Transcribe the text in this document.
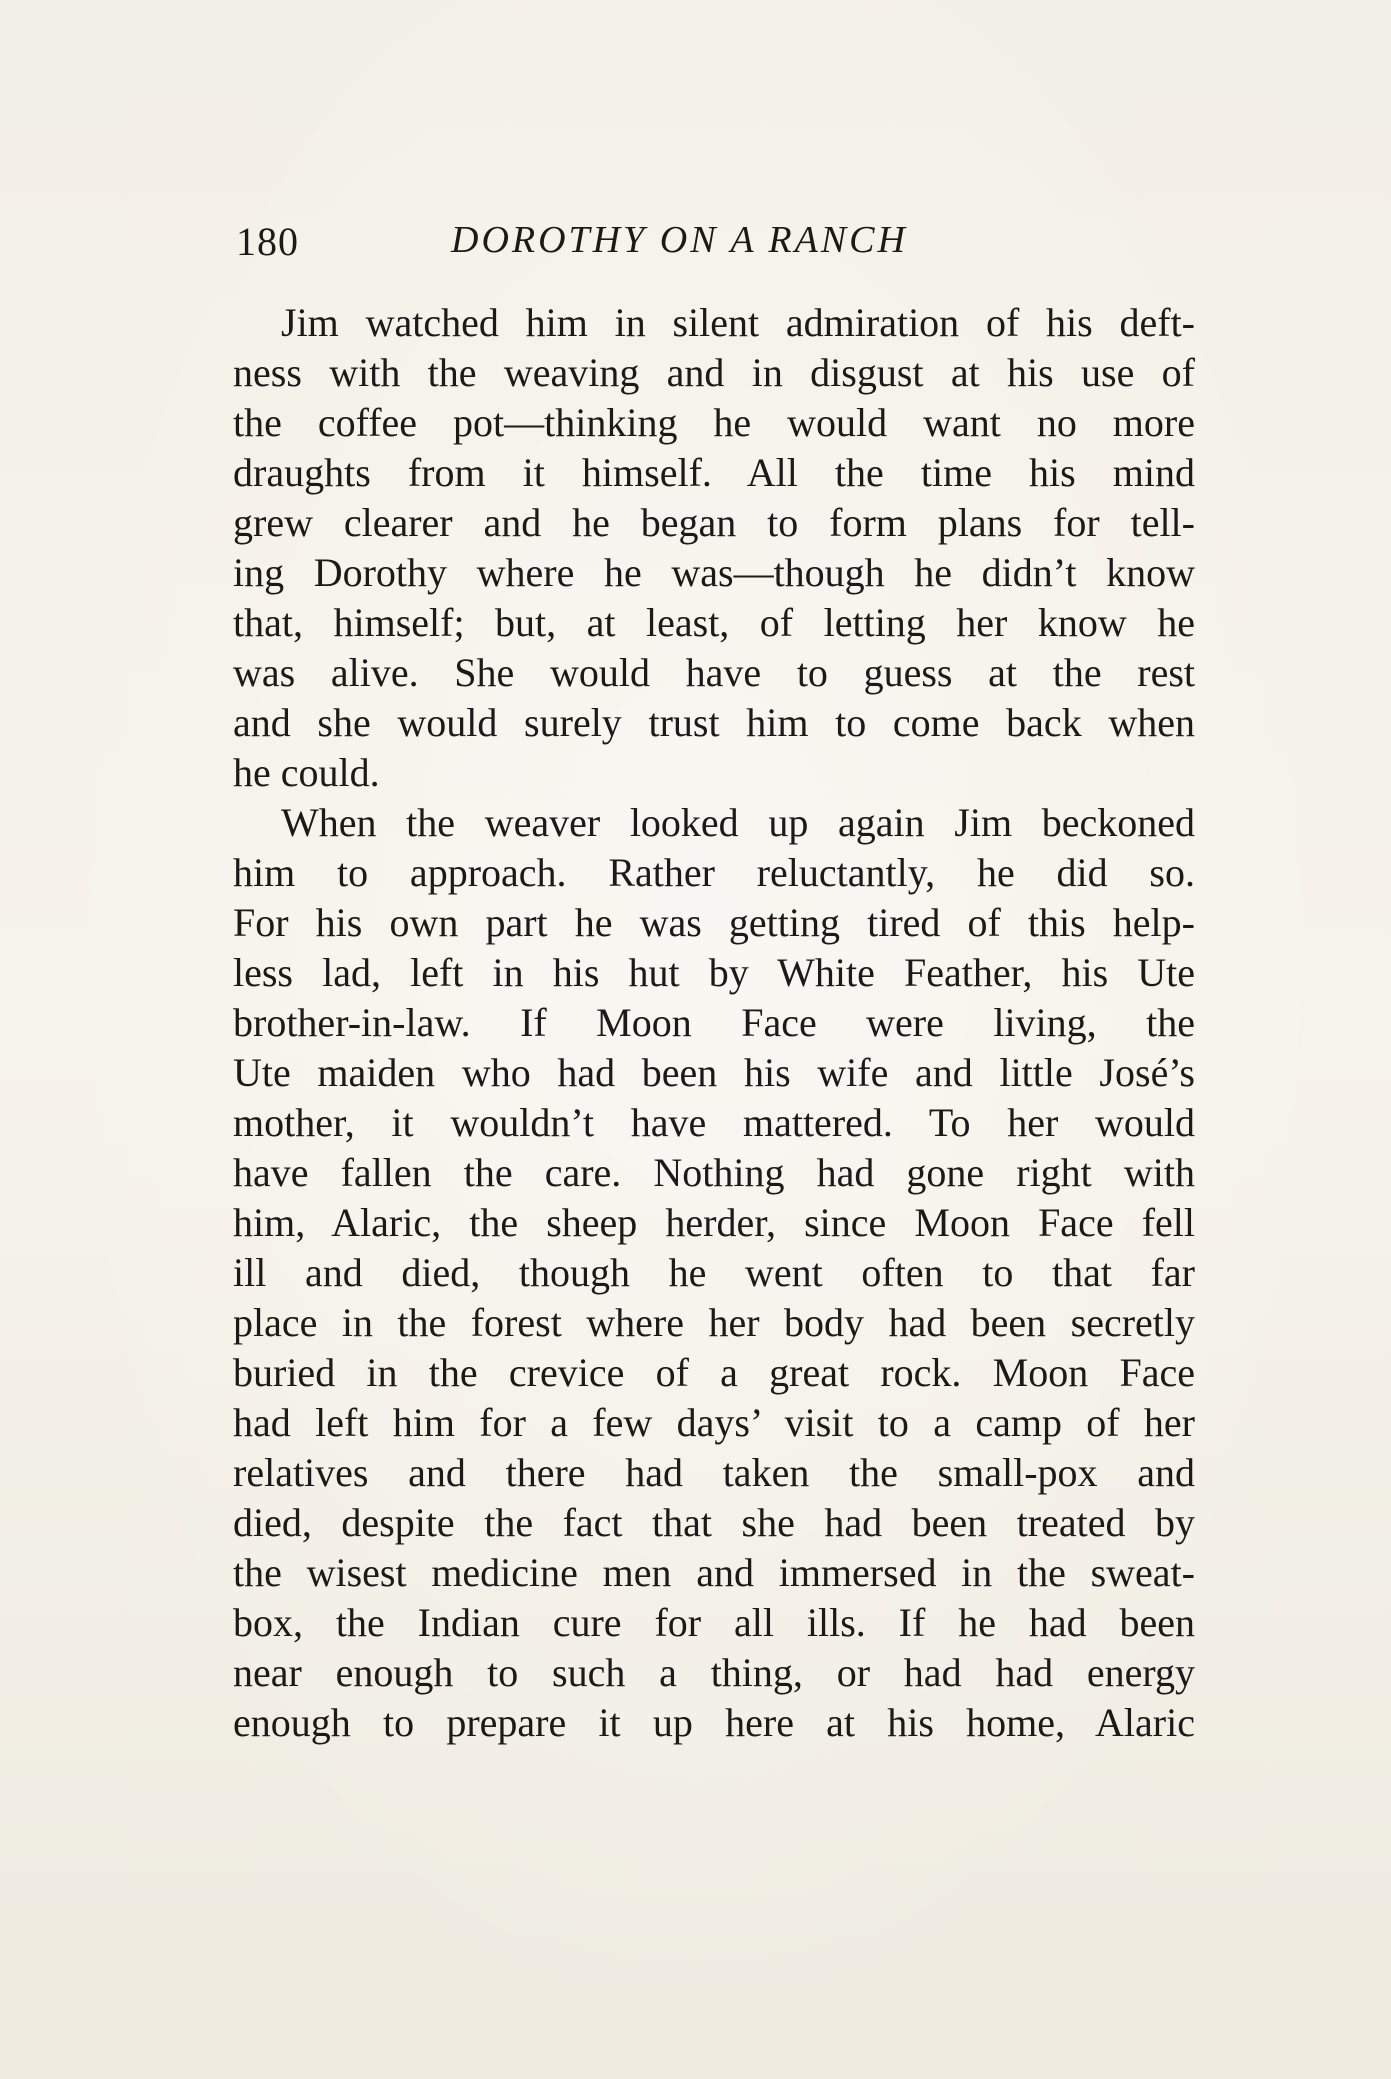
180	DOROTHY ON A RANCH
Jim watched him in silent admiration of his deft-
ness with the weaving and in disgust at his use of
the coffee pot—thinking he would want no more
draughts from it himself. All the time his mind
grew clearer and he began to form plans for tell-
ing Dorothy where he was—though he didn’t know
that, himself; but, at least, of letting her know he
was alive. She would have to guess at the rest
and she would surely trust him to come back when
he could.
When the weaver looked up again Jim beckoned
him to approach. Rather reluctantly, he did so.
For his own part he was getting tired of this help-
less lad, left in his hut by White Feather, his Ute
brother-in-law. If Moon Face were living, the
Ute maiden who had been his wife and little José’s
mother, it wouldn’t have mattered. To her would
have fallen the care. Nothing had gone right with
him, Alaric, the sheep herder, since Moon Face fell
ill and died, though he went often to that far
place in the forest where her body had been secretly
buried in the crevice of a great rock. Moon Face
had left him for a few days’ visit to a camp of her
relatives and there had taken the small-pox and
died, despite the fact that she had been treated by
the wisest medicine men and immersed in the sweat-
box, the Indian cure for all ills. If he had been
near enough to such a thing, or had had energy
enough to prepare it up here at his home, Alaric
